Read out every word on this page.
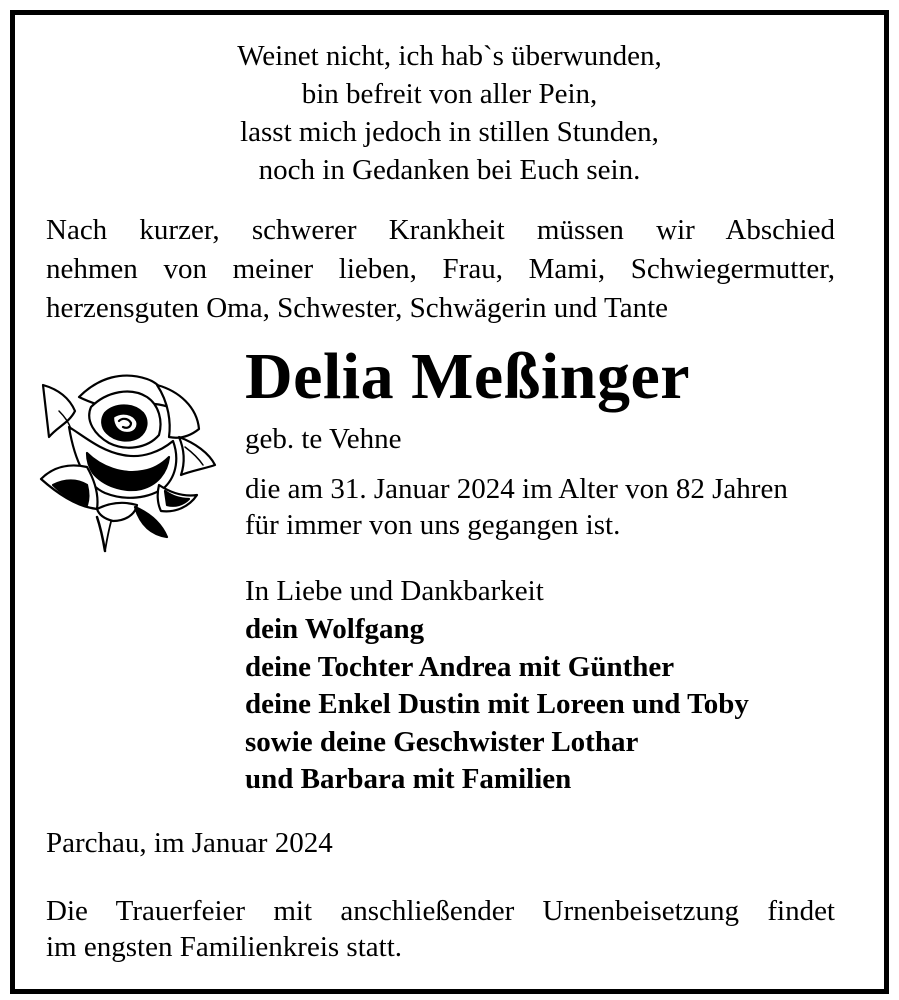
Weinet nicht, ich hab`s überwunden,
bin befreit von aller Pein,
lasst mich jedoch in stillen Stunden,
noch in Gedanken bei Euch sein.
Nach kurzer, schwerer Krankheit müssen wir Abschied
nehmen von meiner lieben, Frau, Mami, Schwiegermutter,
herzensguten Oma, Schwester, Schwägerin und Tante
Delia Meßinger
geb. te Vehne
die am 31. Januar 2024 im Alter von 82 Jahren
für immer von uns gegangen ist.
In Liebe und Dankbarkeit
dein Wolfgang
deine Tochter Andrea mit Günther
deine Enkel Dustin mit Loreen und Toby
sowie deine Geschwister Lothar
und Barbara mit Familien
Parchau, im Januar 2024
Die Trauerfeier mit anschließender Urnenbeisetzung findet
im engsten Familienkreis statt.
